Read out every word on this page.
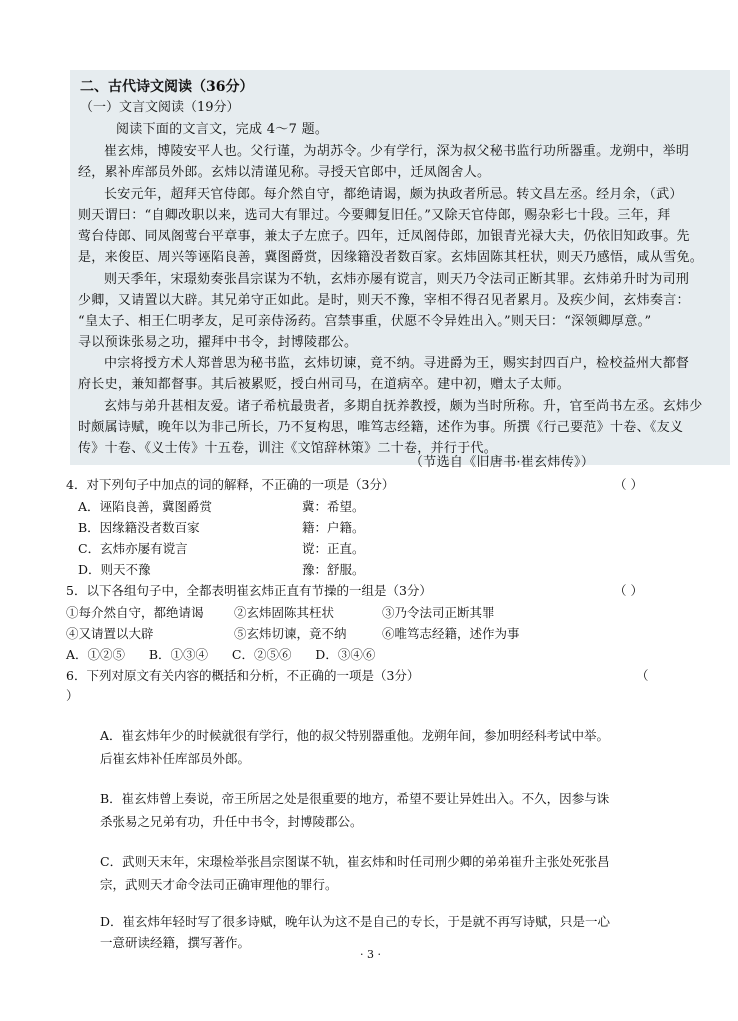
二、古代诗文阅读（36分）
（一）文言文阅读（19分）
阅读下面的文言文，完成 4～7 题。
崔玄炜，博陵安平人也。父行谨，为胡苏令。少有学行，深为叔父秘书监行功所器重。龙朔中，举明
经，累补库部员外郎。玄炜以清谨见称。寻授天官郎中，迁凤阁舍人。
长安元年，超拜天官侍郎。每介然自守，都绝请谒，颇为执政者所忌。转文昌左丞。经月余，（武）
则天谓曰：“自卿改职以来，选司大有罪过。今要卿复旧任。”又除天官侍郎，赐杂彩七十段。三年，拜
莺台侍郎、同凤阁莺台平章事，兼太子左庶子。四年，迁凤阁侍郎，加银青光禄大夫，仍依旧知政事。先
是，来俊臣、周兴等诬陷良善，冀图爵赏，因缘籍没者数百家。玄炜固陈其枉状，则天乃感悟，咸从雪免。
则天季年，宋璟劾奏张昌宗谋为不轨，玄炜亦屡有谠言，则天乃令法司正断其罪。玄炜弟升时为司刑
少卿，又请置以大辟。其兄弟守正如此。是时，则天不豫，宰相不得召见者累月。及疾少间，玄炜奏言：
“皇太子、相王仁明孝友，足可亲侍汤药。宫禁事重，伏愿不令异姓出入。”则天曰：“深领卿厚意。”
寻以预诛张易之功，擢拜中书令，封博陵郡公。
中宗将授方术人郑普思为秘书监，玄炜切谏，竟不纳。寻进爵为王，赐实封四百户，检校益州大都督
府长史，兼知都督事。其后被累贬，授白州司马，在道病卒。建中初，赠太子太师。
玄炜与弟升甚相友爱。诸子希杭最贵者，多期自抚养教授，颇为当时所称。升，官至尚书左丞。玄炜少
时颇属诗赋，晚年以为非己所长，乃不复构思，唯笃志经籍，述作为事。所撰《行己要范》十卷、《友义
传》十卷、《义士传》十五卷，训注《文馆辞林策》二十卷，并行于代。
（节选自《旧唐书·崔玄炜传》）
4．对下列句子中加点的词的解释，不正确的一项是（3分）	（ ）
A．诬陷良善，冀图爵赏	冀：希望。
B．因缘籍没者数百家	籍：户籍。
C．玄炜亦屡有谠言	谠：正直。
D．则天不豫	豫：舒服。
5．以下各组句子中，全都表明崔玄炜正直有节操的一组是（3分）	（ ）
①每介然自守，都绝请谒 ②玄炜固陈其枉状	③乃令法司正断其罪
④又请置以大辟	⑤玄炜切谏，竟不纳	⑥唯笃志经籍，述作为事
A．①②⑤      B．①③④      C．②⑤⑥      D．③④⑥
6．下列对原文有关内容的概括和分析，不正确的一项是（3分）	（
）
A．崔玄炜年少的时候就很有学行，他的叔父特别器重他。龙朔年间，参加明经科考试中举。
后崔玄炜补任库部员外郎。
B．崔玄炜曾上奏说，帝王所居之处是很重要的地方，希望不要让异姓出入。不久，因参与诛
杀张易之兄弟有功，升任中书令，封博陵郡公。
C．武则天末年，宋璟检举张昌宗图谋不轨，崔玄炜和时任司刑少卿的弟弟崔升主张处死张昌
宗，武则天才命令法司正确审理他的罪行。
D．崔玄炜年轻时写了很多诗赋，晚年认为这不是自己的专长，于是就不再写诗赋，只是一心
一意研读经籍，撰写著作。
· 3 ·
